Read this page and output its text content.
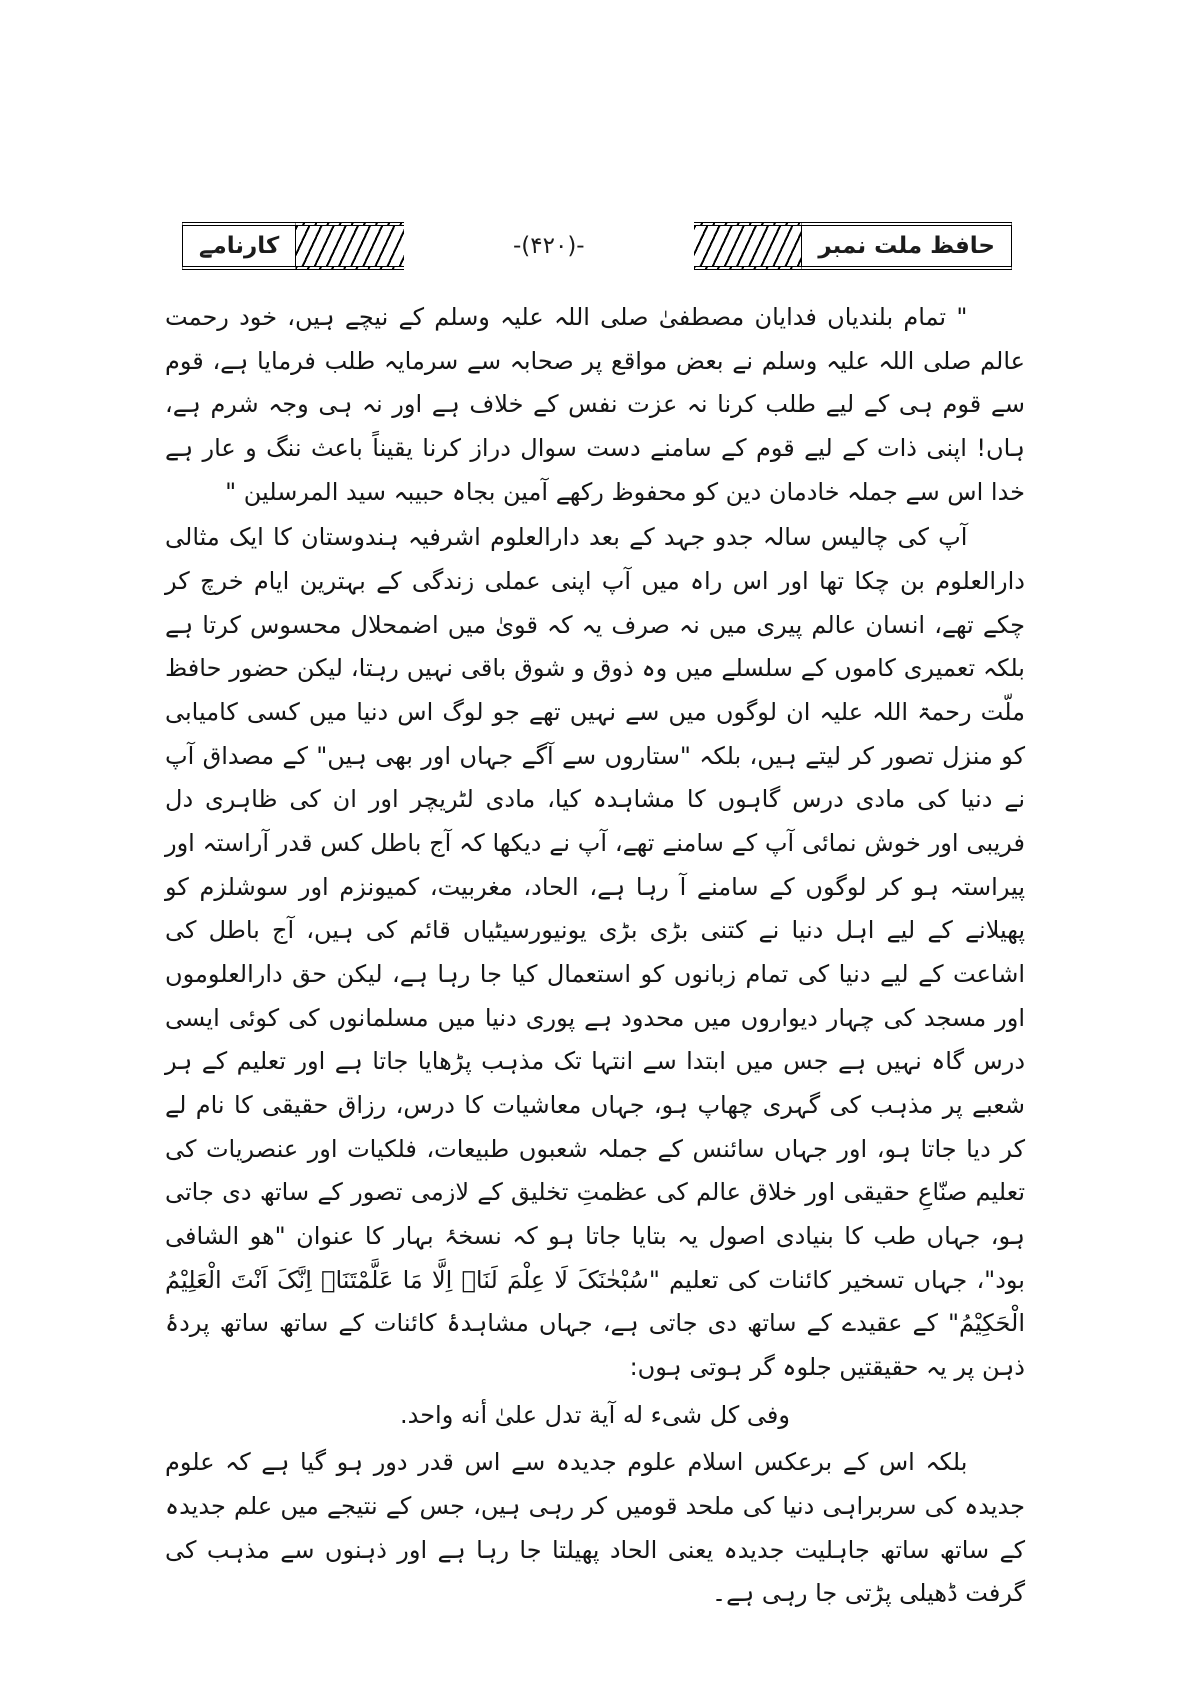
حافظ ملت نمبر
-(۴۲۰)-
کارنامے

" تمام بلندیاں فدایان مصطفیٰ صلی اللہ علیہ وسلم کے نیچے ہیں، خود رحمت عالم صلی اللہ علیہ وسلم نے بعض مواقع پر صحابہ سے سرمایہ طلب فرمایا ہے، قوم سے قوم ہی کے لیے طلب کرنا نہ عزت نفس کے خلاف ہے اور نہ ہی وجہ شرم ہے، ہاں! اپنی ذات کے لیے قوم کے سامنے دست سوال دراز کرنا یقیناً باعث ننگ و عار ہے خدا اس سے جملہ خادمان دین کو محفوظ رکھے آمین بجاہ حبیبہ سید المرسلین "

آپ کی چالیس سالہ جدو جہد کے بعد دارالعلوم اشرفیہ ہندوستان کا ایک مثالی دارالعلوم بن چکا تھا اور اس راہ میں آپ اپنی عملی زندگی کے بہترین ایام خرچ کر چکے تھے، انسان عالم پیری میں نہ صرف یہ کہ قویٰ میں اضمحلال محسوس کرتا ہے بلکہ تعمیری کاموں کے سلسلے میں وہ ذوق و شوق باقی نہیں رہتا، لیکن حضور حافظ ملّت رحمۃ اللہ علیہ ان لوگوں میں سے نہیں تھے جو لوگ اس دنیا میں کسی کامیابی کو منزل تصور کر لیتے ہیں، بلکہ "ستاروں سے آگے جہاں اور بھی ہیں" کے مصداق آپ نے دنیا کی مادی درس گاہوں کا مشاہدہ کیا، مادی لٹریچر اور ان کی ظاہری دل فریبی اور خوش نمائی آپ کے سامنے تھے، آپ نے دیکھا کہ آج باطل کس قدر آراستہ اور پیراستہ ہو کر لوگوں کے سامنے آ رہا ہے، الحاد، مغربیت، کمیونزم اور سوشلزم کو پھیلانے کے لیے اہل دنیا نے کتنی بڑی بڑی یونیورسیٹیاں قائم کی ہیں، آج باطل کی اشاعت کے لیے دنیا کی تمام زبانوں کو استعمال کیا جا رہا ہے، لیکن حق دارالعلوموں اور مسجد کی چہار دیواروں میں محدود ہے پوری دنیا میں مسلمانوں کی کوئی ایسی درس گاہ نہیں ہے جس میں ابتدا سے انتہا تک مذہب پڑھایا جاتا ہے اور تعلیم کے ہر شعبے پر مذہب کی گہری چھاپ ہو، جہاں معاشیات کا درس، رزاق حقیقی کا نام لے کر دیا جاتا ہو، اور جہاں سائنس کے جملہ شعبوں طبیعات، فلکیات اور عنصریات کی تعلیم صنّاعِ حقیقی اور خلاق عالم کی عظمتِ تخلیق کے لازمی تصور کے ساتھ دی جاتی ہو، جہاں طب کا بنیادی اصول یہ بتایا جاتا ہو کہ نسخۂ بہار کا عنوان "هو الشافی بود"، جہاں تسخیر کائنات کی تعلیم "سُبْحٰنَکَ لَا عِلْمَ لَنَاۤ اِلَّا مَا عَلَّمْتَنَاۤ اِنَّکَ اَنْتَ الْعَلِیْمُ الْحَکِیْمُ" کے عقیدے کے ساتھ دی جاتی ہے، جہاں مشاہدۂ کائنات کے ساتھ ساتھ پردۂ ذہن پر یہ حقیقتیں جلوہ گر ہوتی ہوں:

وفی كل شیء له آیة تدل علیٰ أنه واحد.

بلکہ اس کے برعکس اسلام علوم جدیدہ سے اس قدر دور ہو گیا ہے کہ علوم جدیدہ کی سربراہی دنیا کی ملحد قومیں کر رہی ہیں، جس کے نتیجے میں علم جدیدہ کے ساتھ ساتھ جاہلیت جدیدہ یعنی الحاد پھیلتا جا رہا ہے اور ذہنوں سے مذہب کی گرفت ڈھیلی پڑتی جا رہی ہے۔
